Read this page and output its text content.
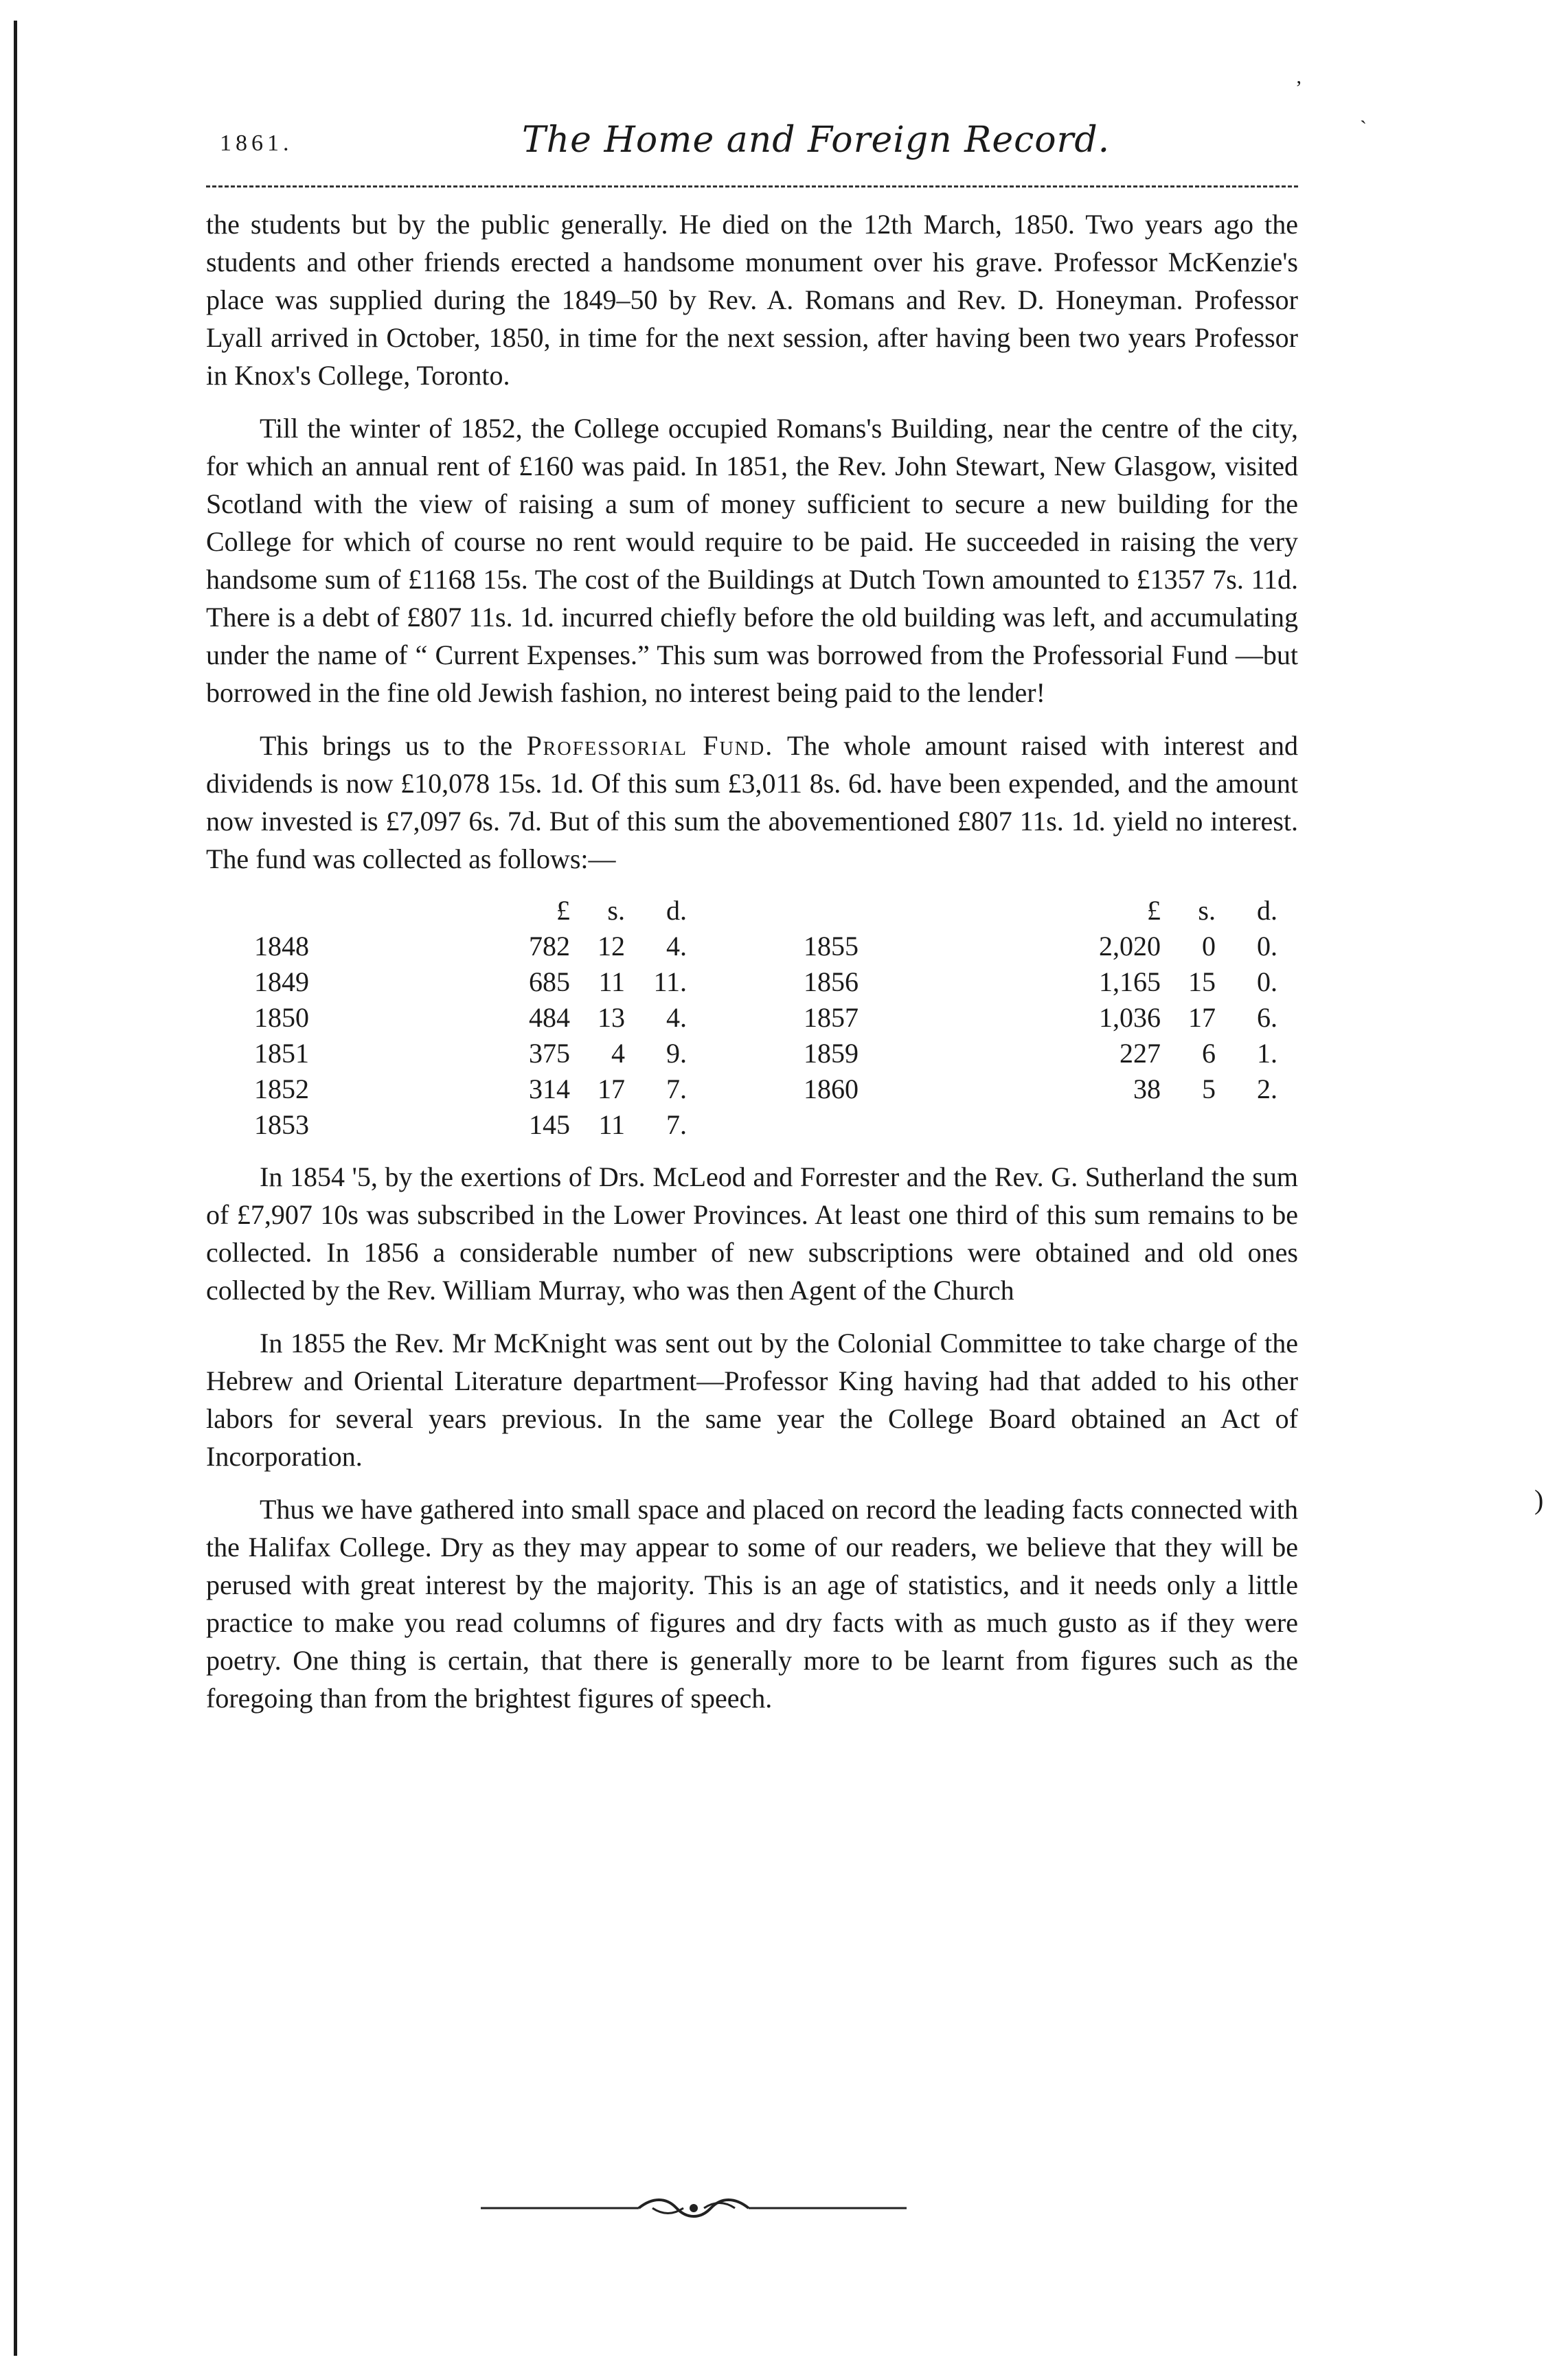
ʼ
ˋ
)
1861.	The Home and Foreign Record.

the students but by the public generally. He died on the 12th March, 1850. Two years ago the students and other friends erected a handsome monument over his grave. Professor McKenzie's place was supplied during the 1849–50 by Rev. A. Romans and Rev. D. Honeyman. Professor Lyall arrived in October, 1850, in time for the next session, after having been two years Professor in Knox's College, Toronto.

Till the winter of 1852, the College occupied Romans's Building, near the centre of the city, for which an annual rent of £160 was paid. In 1851, the Rev. John Stewart, New Glasgow, visited Scotland with the view of raising a sum of money sufficient to secure a new building for the College for which of course no rent would require to be paid. He succeeded in raising the very handsome sum of £1168 15s. The cost of the Buildings at Dutch Town amounted to £1357 7s. 11d. There is a debt of £807 11s. 1d. incurred chiefly before the old building was left, and accumulating under the name of “ Current Expenses.” This sum was borrowed from the Professorial Fund —but borrowed in the fine old Jewish fashion, no interest being paid to the lender!

This brings us to the Professorial Fund. The whole amount raised with interest and dividends is now £10,078 15s. 1d. Of this sum £3,011 8s. 6d. have been expended, and the amount now invested is £7,097 6s. 7d. But of this sum the abovementioned £807 11s. 1d. yield no interest. The fund was collected as follows:—

£	s.	d.
1848	782	12	4.
1849	685	11	11.
1850	484	13	4.
1851	375	4	9.
1852	314	17	7.
1853	145	11	7.
£	s.	d.
1855	2,020	0	0.
1856	1,165	15	0.
1857	1,036	17	6.
1859	227	6	1.
1860	38	5	2.

In 1854 '5, by the exertions of Drs. McLeod and Forrester and the Rev. G. Sutherland the sum of £7,907 10s was subscribed in the Lower Provinces. At least one third of this sum remains to be collected. In 1856 a considerable number of new subscriptions were obtained and old ones collected by the Rev. William Murray, who was then Agent of the Church

In 1855 the Rev. Mr McKnight was sent out by the Colonial Committee to take charge of the Hebrew and Oriental Literature department—Professor King having had that added to his other labors for several years previous. In the same year the College Board obtained an Act of Incorporation.

Thus we have gathered into small space and placed on record the leading facts connected with the Halifax College. Dry as they may appear to some of our readers, we believe that they will be perused with great interest by the majority. This is an age of statistics, and it needs only a little practice to make you read columns of figures and dry facts with as much gusto as if they were poetry. One thing is certain, that there is generally more to be learnt from figures such as the foregoing than from the brightest figures of speech.
